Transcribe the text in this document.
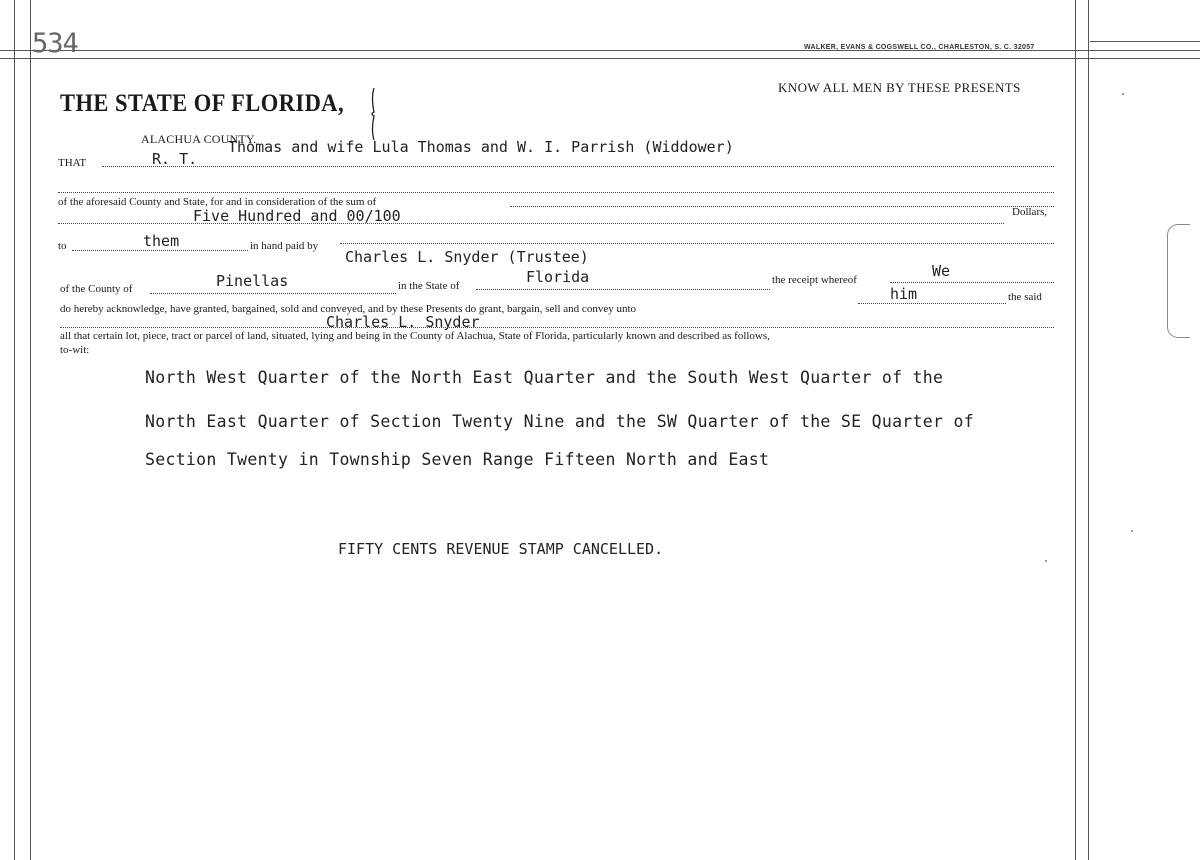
534	WALKER, EVANS & COGSWELL CO., CHARLESTON, S. C. 32057
THE STATE OF FLORIDA,
KNOW ALL MEN BY THESE PRESENTS
ALACHUA COUNTY.
THAT	R. T.
Thomas and wife Lula Thomas and W. I. Parrish (Widdower)
of the aforesaid County and State, for and in consideration of the sum of
Five Hundred and 00/100	Dollars,
to	them	in hand paid by
Charles L. Snyder (Trustee)
of the County of	Pinellas	in the State of	Florida	the receipt whereof	We
do hereby acknowledge, have granted, bargained, sold and conveyed, and by these Presents do grant, bargain, sell and convey unto
him	the said
Charles L. Snyder
all that certain lot, piece, tract or parcel of land, situated, lying and being in the County of Alachua, State of Florida, particularly known and described as follows,
to-wit:
North West Quarter of the North East Quarter and the South West Quarter of the
North East Quarter of Section Twenty Nine and the SW Quarter of the SE Quarter of
Section Twenty in Township Seven Range Fifteen North and East
FIFTY CENTS REVENUE STAMP CANCELLED.
